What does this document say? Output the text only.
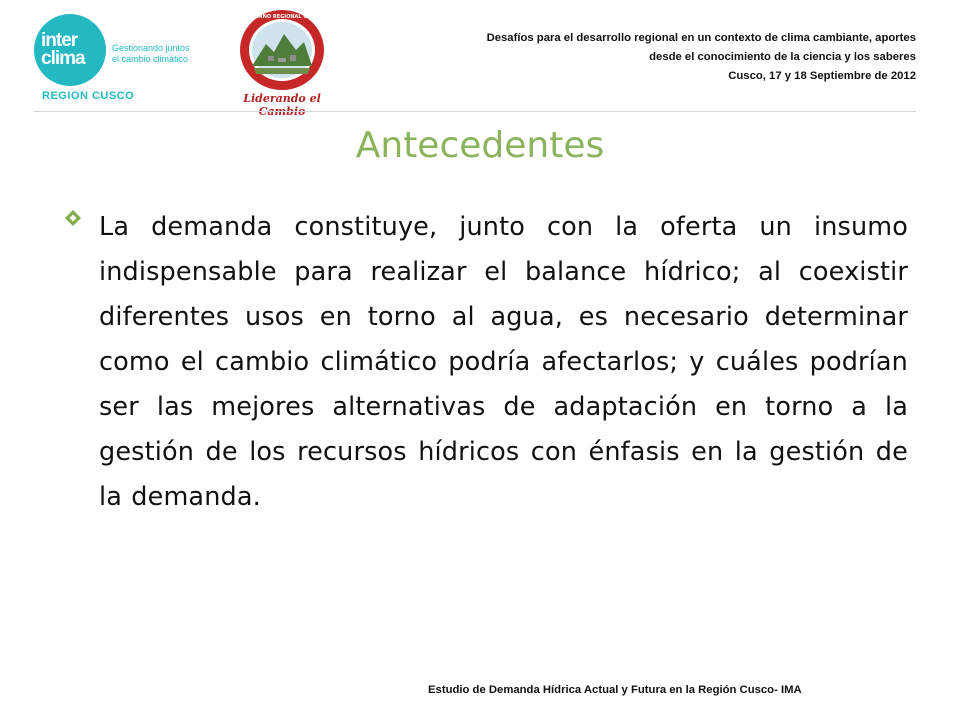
inter
clima	Gestionando juntos
el cambio climático
REGION CUSCO
GOBIERNO REGIONAL CUSCO
Liderando el Cambio
Desafíos para el desarrollo regional en un contexto de clima cambiante, aportes
desde el conocimiento de la ciencia y los saberes
Cusco, 17 y 18 Septiembre de 2012
Antecedentes
La demanda constituye, junto con la oferta un insumo indispensable para realizar el balance hídrico; al coexistir diferentes usos en torno al agua, es necesario determinar como el cambio climático podría afectarlos; y cuáles podrían ser las mejores alternativas de adaptación en torno a la gestión de los recursos hídricos con énfasis en la gestión de la demanda.
Estudio de Demanda Hídrica Actual y Futura en la Región Cusco- IMA
